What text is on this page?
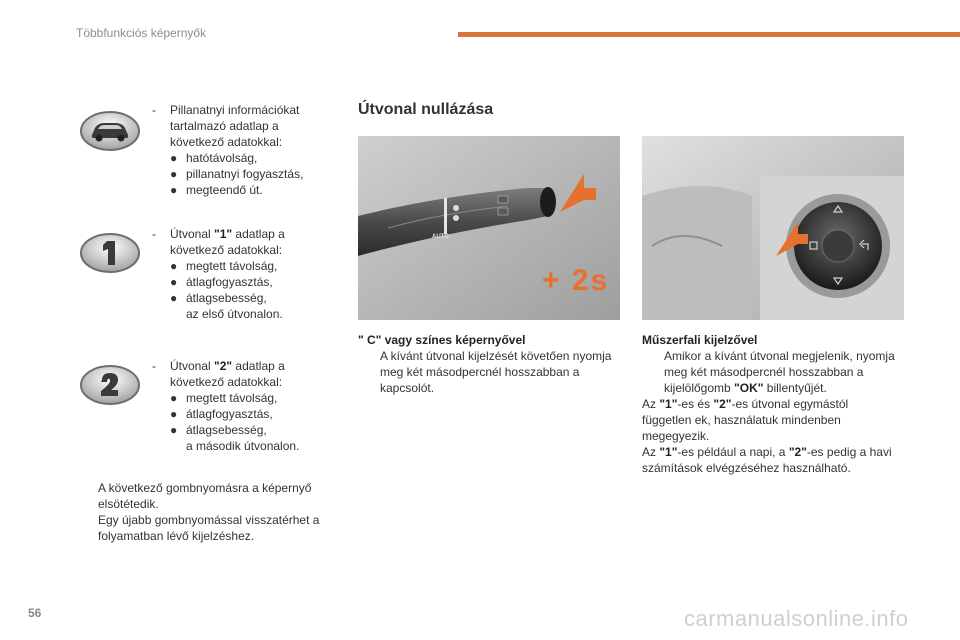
Többfunkciós képernyők
- Pillanatnyi információkat
tartalmazó adatlap a
következő adatokkal:
● hatótávolság,
● pillanatnyi fogyasztás,
● megteendő út.
- Útvonal "1" adatlap a
következő adatokkal:
● megtett távolság,
● átlagfogyasztás,
● átlagsebesség,
az első útvonalon.
- Útvonal "2" adatlap a
következő adatokkal:
● megtett távolság,
● átlagfogyasztás,
● átlagsebesség,
a második útvonalon.
A következő gombnyomásra a képernyő
elsötétedik.
Egy újabb gombnyomással visszatérhet a
folyamatban lévő kijelzéshez.
Útvonal nullázása
AUTO
+ 2s
" C" vagy színes képernyővel
A kívánt útvonal kijelzését követően nyomja
meg két másodpercnél hosszabban a
kapcsolót.
Műszerfali kijelzővel
Amikor a kívánt útvonal megjelenik, nyomja
meg két másodpercnél hosszabban a
kijelölőgomb "OK" billentyűjét.
Az "1"-es és "2"-es útvonal egymástól
független ek, használatuk mindenben
megegyezik.
Az "1"-es például a napi, a "2"-es pedig a havi
számítások elvégzéséhez használható.
56	carmanualsonline.info
